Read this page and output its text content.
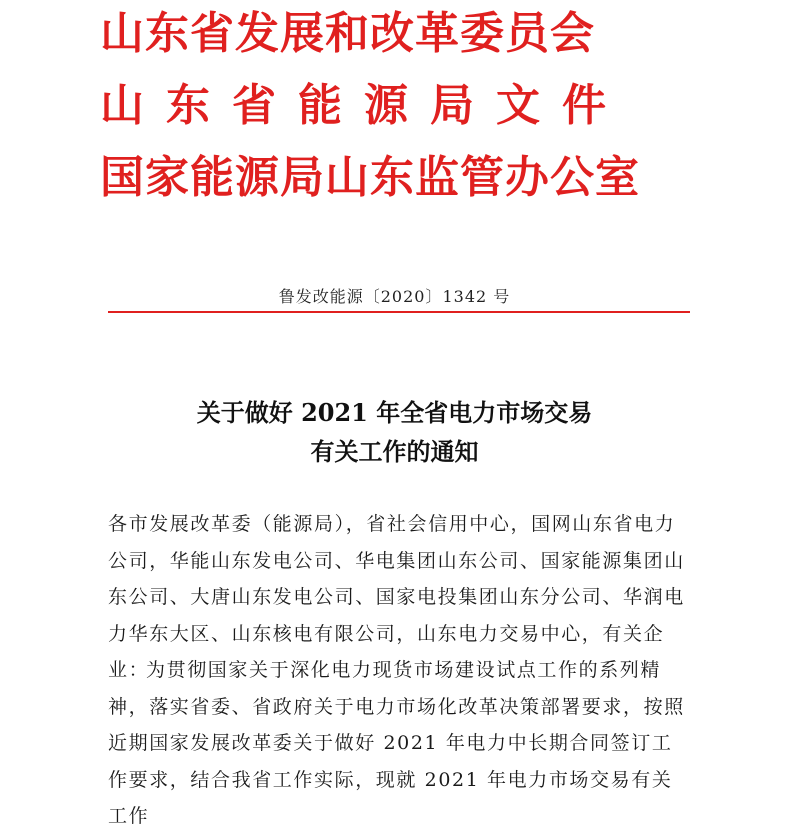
山东省发展和改革委员会
山东省能源局文件
国家能源局山东监管办公室
鲁发改能源〔2020〕1342 号
关于做好 2021 年全省电力市场交易
有关工作的通知

各市发展改革委（能源局），省社会信用中心，国网山东省电力公司，华能山东发电公司、华电集团山东公司、国家能源集团山东公司、大唐山东发电公司、国家电投集团山东分公司、华润电力华东大区、山东核电有限公司，山东电力交易中心，有关企业：

为贯彻国家关于深化电力现货市场建设试点工作的系列精神，落实省委、省政府关于电力市场化改革决策部署要求，按照近期国家发展改革委关于做好 2021 年电力中长期合同签订工作要求，结合我省工作实际，现就 2021 年电力市场交易有关工作
